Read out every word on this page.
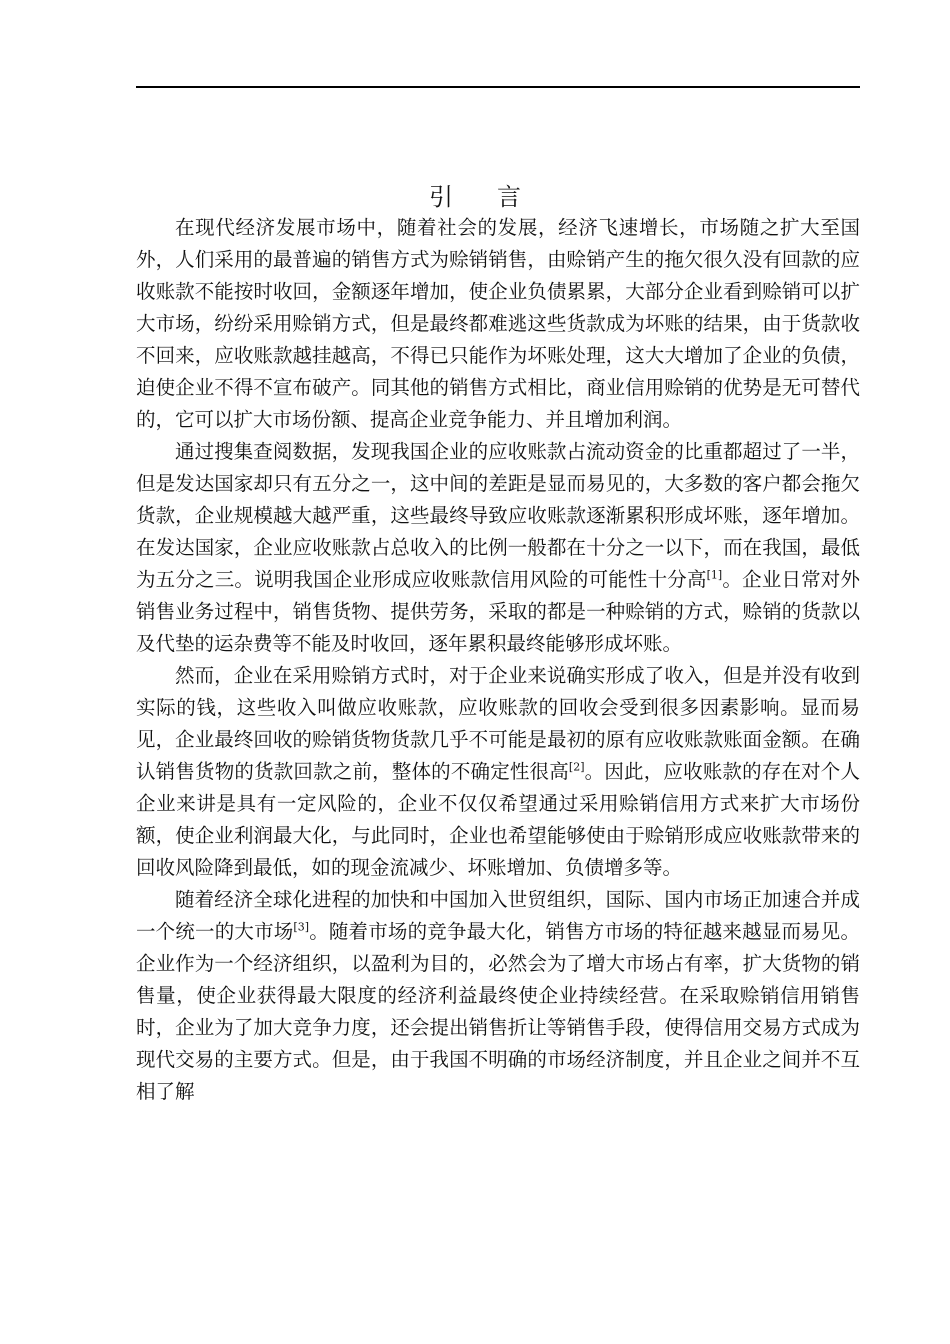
引言

在现代经济发展市场中，随着社会的发展，经济飞速增长，市场随之扩大至国外，人们采用的最普遍的销售方式为赊销销售，由赊销产生的拖欠很久没有回款的应收账款不能按时收回，金额逐年增加，使企业负债累累，大部分企业看到赊销可以扩大市场，纷纷采用赊销方式，但是最终都难逃这些货款成为坏账的结果，由于货款收不回来，应收账款越挂越高，不得已只能作为坏账处理，这大大增加了企业的负债，迫使企业不得不宣布破产。同其他的销售方式相比，商业信用赊销的优势是无可替代的，它可以扩大市场份额、提高企业竞争能力、并且增加利润。

通过搜集查阅数据，发现我国企业的应收账款占流动资金的比重都超过了一半，但是发达国家却只有五分之一，这中间的差距是显而易见的，大多数的客户都会拖欠货款，企业规模越大越严重，这些最终导致应收账款逐渐累积形成坏账，逐年增加。在发达国家，企业应收账款占总收入的比例一般都在十分之一以下，而在我国，最低为五分之三。说明我国企业形成应收账款信用风险的可能性十分高[1]。企业日常对外销售业务过程中，销售货物、提供劳务，采取的都是一种赊销的方式，赊销的货款以及代垫的运杂费等不能及时收回，逐年累积最终能够形成坏账。

然而，企业在采用赊销方式时，对于企业来说确实形成了收入，但是并没有收到实际的钱，这些收入叫做应收账款，应收账款的回收会受到很多因素影响。显而易见，企业最终回收的赊销货物货款几乎不可能是最初的原有应收账款账面金额。在确认销售货物的货款回款之前，整体的不确定性很高[2]。因此，应收账款的存在对个人企业来讲是具有一定风险的，企业不仅仅希望通过采用赊销信用方式来扩大市场份额，使企业利润最大化，与此同时，企业也希望能够使由于赊销形成应收账款带来的回收风险降到最低，如的现金流减少、坏账增加、负债增多等。

随着经济全球化进程的加快和中国加入世贸组织，国际、国内市场正加速合并成一个统一的大市场[3]。随着市场的竞争最大化，销售方市场的特征越来越显而易见。企业作为一个经济组织，以盈利为目的，必然会为了增大市场占有率，扩大货物的销售量，使企业获得最大限度的经济利益最终使企业持续经营。在采取赊销信用销售时，企业为了加大竞争力度，还会提出销售折让等销售手段，使得信用交易方式成为现代交易的主要方式。但是，由于我国不明确的市场经济制度，并且企业之间并不互相了解
